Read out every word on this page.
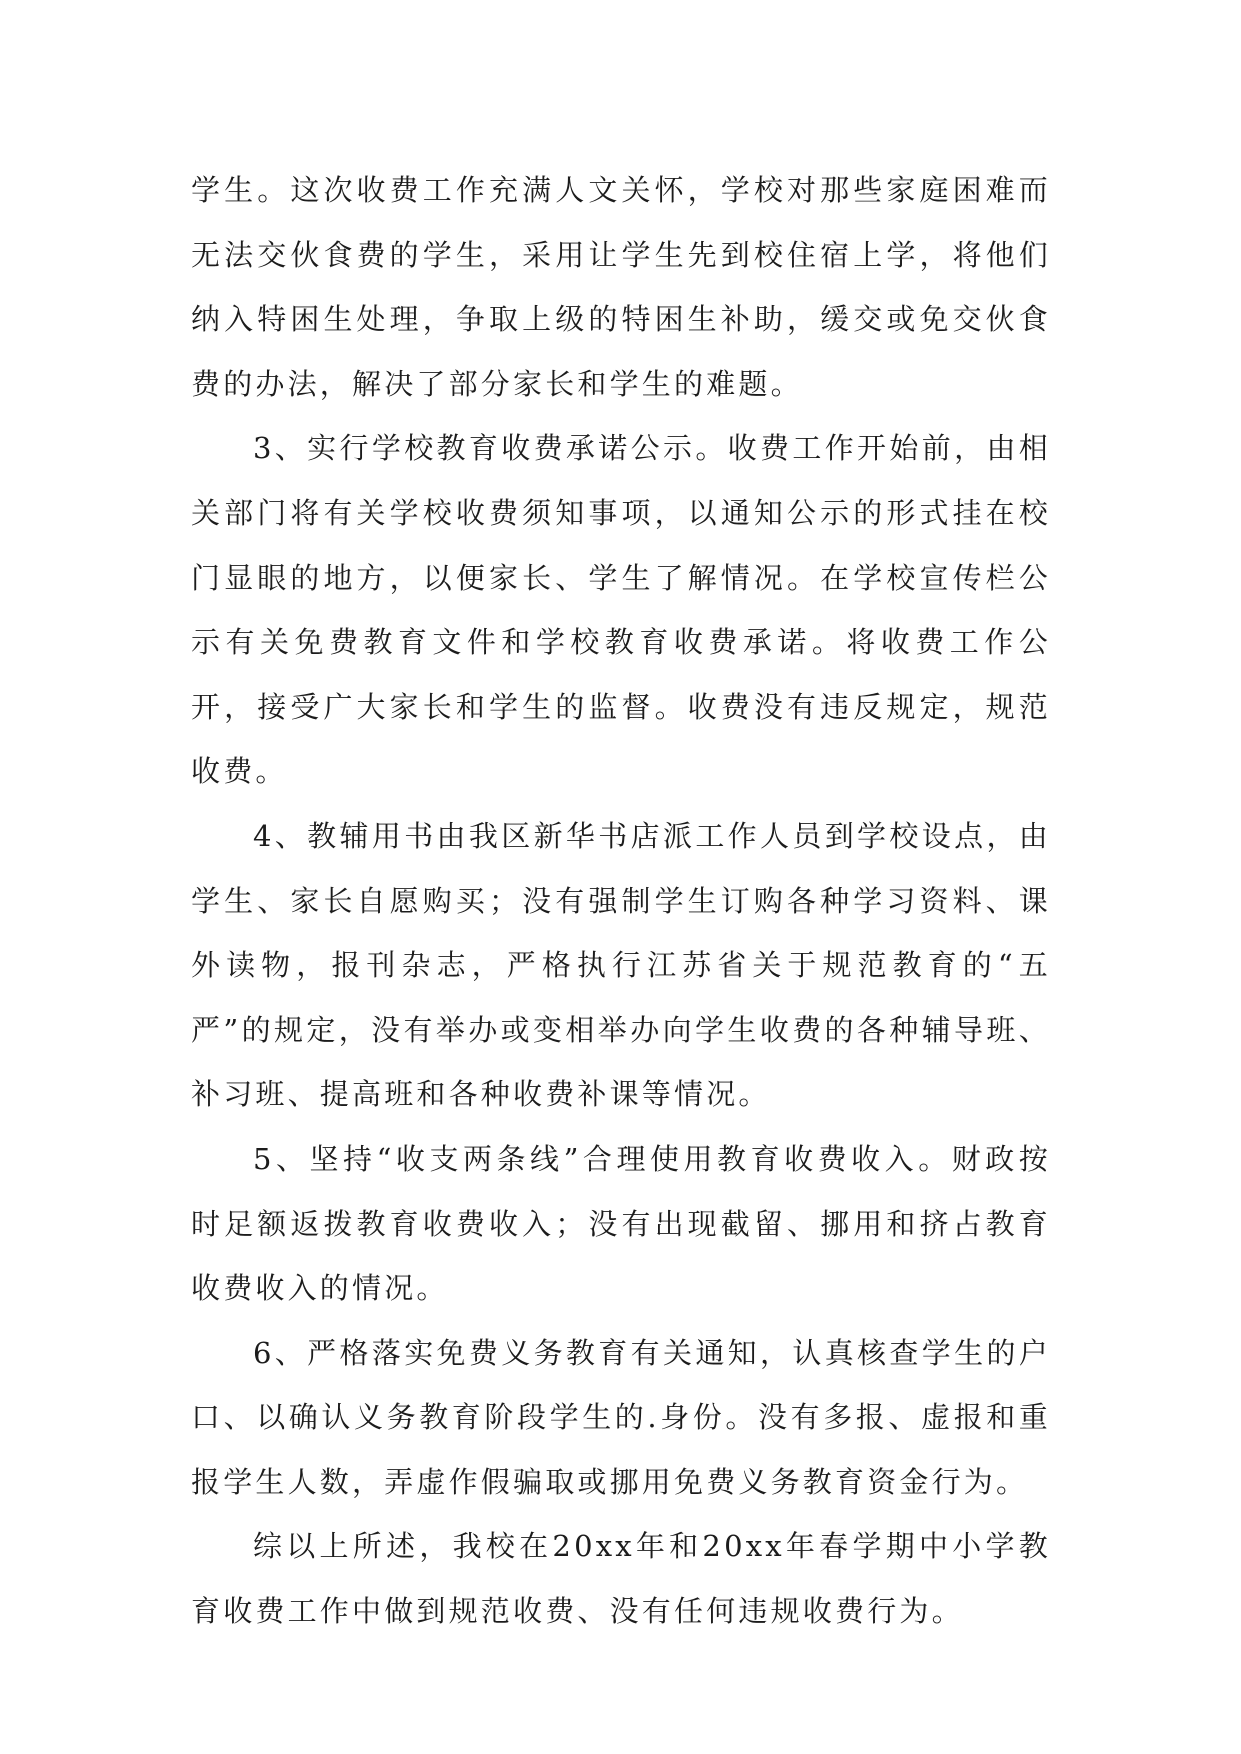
学生。这次收费工作充满人文关怀，学校对那些家庭困难而无法交伙食费的学生，采用让学生先到校住宿上学，将他们纳入特困生处理，争取上级的特困生补助，缓交或免交伙食费的办法，解决了部分家长和学生的难题。

3、实行学校教育收费承诺公示。收费工作开始前，由相关部门将有关学校收费须知事项，以通知公示的形式挂在校门显眼的地方，以便家长、学生了解情况。在学校宣传栏公示有关免费教育文件和学校教育收费承诺。将收费工作公开，接受广大家长和学生的监督。收费没有违反规定，规范收费。

4、教辅用书由我区新华书店派工作人员到学校设点，由学生、家长自愿购买；没有强制学生订购各种学习资料、课外读物，报刊杂志，严格执行江苏省关于规范教育的“五严”的规定，没有举办或变相举办向学生收费的各种辅导班、补习班、提高班和各种收费补课等情况。

5、坚持“收支两条线”合理使用教育收费收入。财政按时足额返拨教育收费收入；没有出现截留、挪用和挤占教育收费收入的情况。

6、严格落实免费义务教育有关通知，认真核查学生的户口、以确认义务教育阶段学生的.身份。没有多报、虚报和重报学生人数，弄虚作假骗取或挪用免费义务教育资金行为。

综以上所述，我校在20xx年和20xx年春学期中小学教育收费工作中做到规范收费、没有任何违规收费行为。
